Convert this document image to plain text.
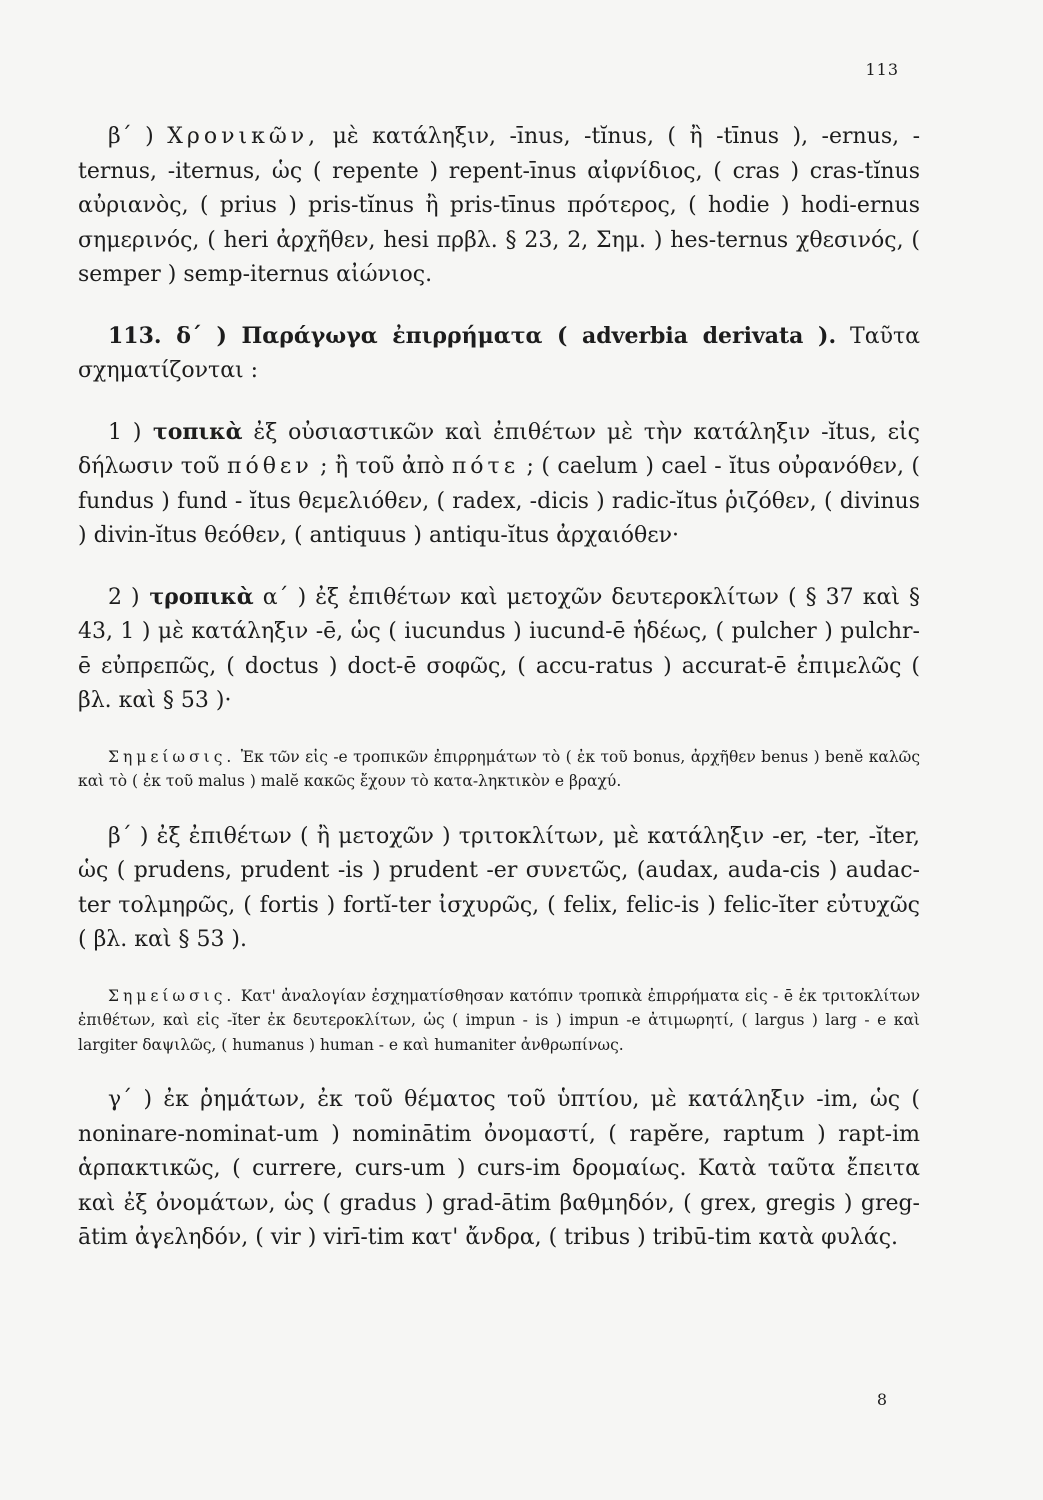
113

β΄ ) Χρονικῶν, μὲ κατάληξιν, -īnus, -tĭnus, ( ἢ -tīnus ), -ernus, -ternus, -iternus, ὡς ( repente ) repent-īnus αἰφνίδιος, ( cras ) cras-tĭnus αὐριανὸς, ( prius ) pris-tĭnus ἢ pris-tīnus πρότερος, ( hodie ) hodi-ernus σημερινός, ( heri ἀρχῆθεν, hesi πρβλ. § 23, 2, Σημ. ) hes-ternus χθεσινός, ( semper ) semp-iternus αἰώνιος.

113. δ΄ ) Παράγωγα ἐπιρρήματα ( adverbia derivata ). Ταῦτα σχηματίζονται :

1 ) τοπικὰ ἐξ οὐσιαστικῶν καὶ ἐπιθέτων μὲ τὴν κατάληξιν -ĭtus, εἰς δήλωσιν τοῦ πόθεν ; ἢ τοῦ ἀπὸ πότε ; ( caelum ) cael - ĭtus οὐρανόθεν, ( fundus ) fund - ĭtus θεμελιόθεν, ( radex, -dicis ) radic-ĭtus ῥιζόθεν, ( divinus ) divin-ĭtus θεόθεν, ( antiquus ) antiqu-ĭtus ἀρχαιόθεν·

2 ) τροπικὰ α΄ ) ἐξ ἐπιθέτων καὶ μετοχῶν δευτεροκλίτων ( § 37 καὶ § 43, 1 ) μὲ κατάληξιν -ē, ὡς ( iucundus ) iucund-ē ἡδέως, ( pulcher ) pulchr-ē εὐπρεπῶς, ( doctus ) doct-ē σοφῶς, ( accu-ratus ) accurat-ē ἐπιμελῶς ( βλ. καὶ § 53 )·

Σημείωσις. Ἐκ τῶν εἰς -e τροπικῶν ἐπιρρημάτων τὸ ( ἐκ τοῦ bonus, ἀρχῆθεν benus ) benĕ καλῶς καὶ τὸ ( ἐκ τοῦ malus ) malĕ κακῶς ἔχουν τὸ κατα-ληκτικὸν e βραχύ.

β΄ ) ἐξ ἐπιθέτων ( ἢ μετοχῶν ) τριτοκλίτων, μὲ κατάληξιν -er, -ter, -ĭter, ὡς ( prudens, prudent -is ) prudent -er συνετῶς, (audax, auda-cis ) audac-ter τολμηρῶς, ( fortis ) fortĭ-ter ἰσχυρῶς, ( felix, felic-is ) felic-ĭter εὐτυχῶς ( βλ. καὶ § 53 ).

Σημείωσις. Κατ' ἀναλογίαν ἐσχηματίσθησαν κατόπιν τροπικὰ ἐπιρρήματα εἰς - ē ἐκ τριτοκλίτων ἐπιθέτων, καὶ εἰς -ĭter ἐκ δευτεροκλίτων, ὡς ( impun - is ) impun -e ἀτιμωρητί, ( largus ) larg - e καὶ largiter δαψιλῶς, ( humanus ) human - e καὶ humaniter ἀνθρωπίνως.

γ΄ ) ἐκ ῥημάτων, ἐκ τοῦ θέματος τοῦ ὑπτίου, μὲ κατάληξιν -im, ὡς ( noninare-nominat-um ) nominātim ὀνομαστί, ( rapĕre, raptum ) rapt-im ἁρπακτικῶς, ( currere, curs-um ) curs-im δρομαίως. Κατὰ ταῦτα ἔπειτα καὶ ἐξ ὀνομάτων, ὡς ( gradus ) grad-ātim βαθμηδόν, ( grex, gregis ) greg-ātim ἀγεληδόν, ( vir ) virī-tim κατ' ἄνδρα, ( tribus ) tribū-tim κατὰ φυλάς.

8
